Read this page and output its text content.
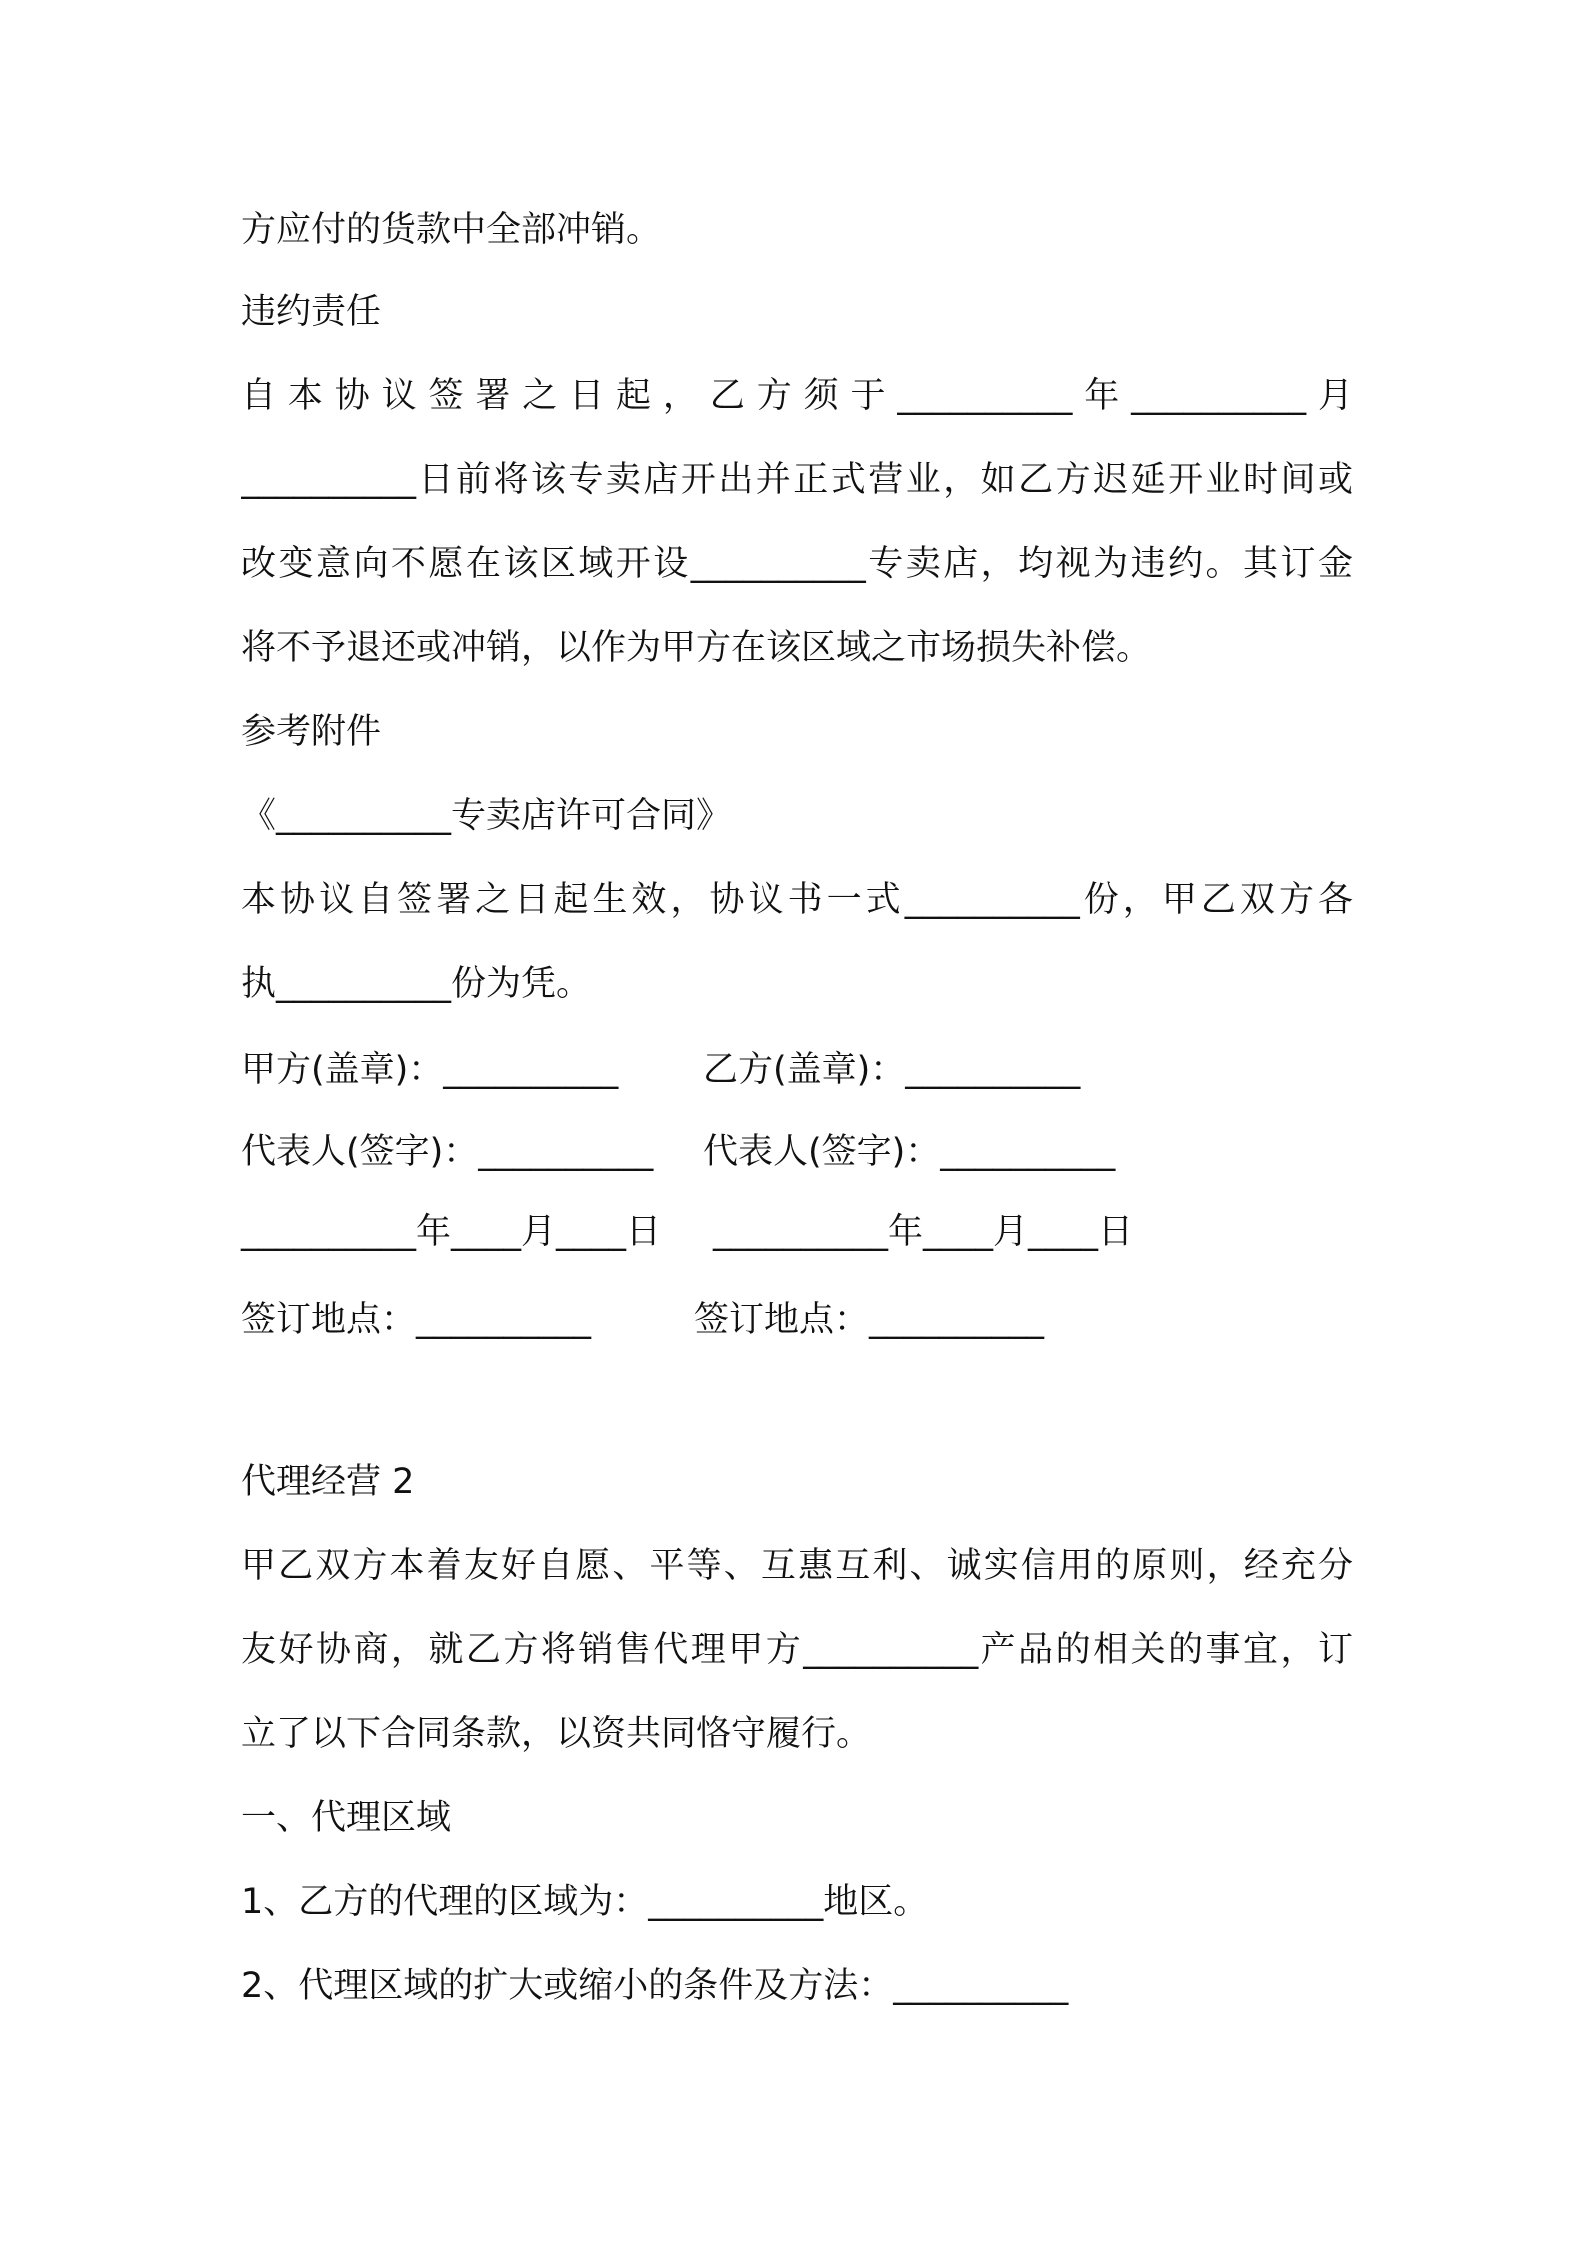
方应付的货款中全部冲销。

违约责任

自本协议签署之日起，乙方须于__________年__________月

__________日前将该专卖店开出并正式营业，如乙方迟延开业时间或

改变意向不愿在该区域开设__________专卖店，均视为违约。其订金

将不予退还或冲销，以作为甲方在该区域之市场损失补偿。

参考附件

《__________专卖店许可合同》

本协议自签署之日起生效，协议书一式__________份，甲乙双方各

执__________份为凭。

甲方(盖章)：__________ 乙方(盖章)：__________

代表人(签字)：__________ 代表人(签字)：__________

__________年____月____日 __________年____月____日

签订地点：__________	签订地点：__________

代理经营 2

甲乙双方本着友好自愿、平等、互惠互利、诚实信用的原则，经充分

友好协商，就乙方将销售代理甲方__________产品的相关的事宜，订

立了以下合同条款，以资共同恪守履行。

一、代理区域

1、乙方的代理的区域为：__________地区。

2、代理区域的扩大或缩小的条件及方法：__________
